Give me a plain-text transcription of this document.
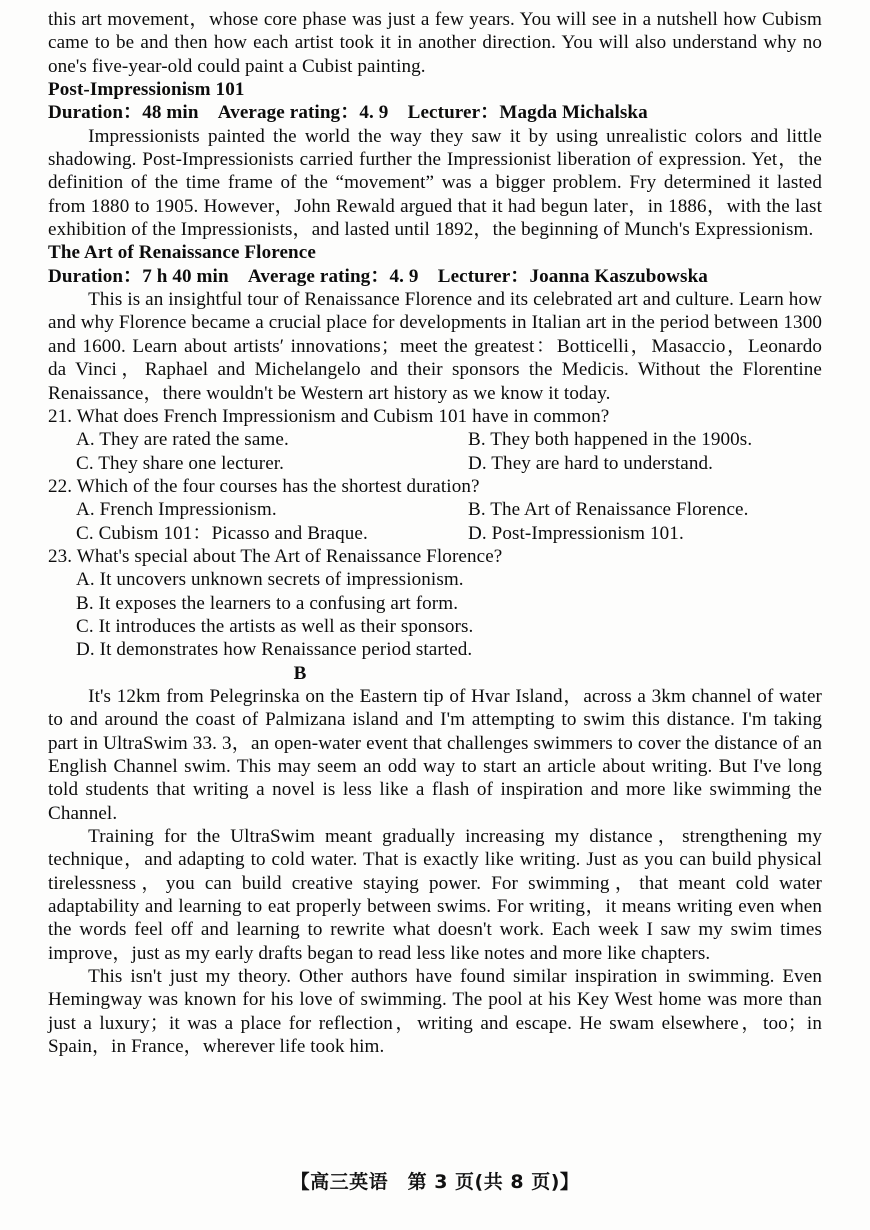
this art movement，whose core phase was just a few years. You will see in a nutshell how Cubism came to be and then how each artist took it in another direction. You will also understand why no one's five-year-old could paint a Cubist painting.

Post-Impressionism 101

Duration：48 min　Average rating：4. 9　Lecturer：Magda Michalska

Impressionists painted the world the way they saw it by using unrealistic colors and little shadowing. Post-Impressionists carried further the Impressionist liberation of expression. Yet，the definition of the time frame of the “movement” was a bigger problem. Fry determined it lasted from 1880 to 1905. However，John Rewald argued that it had begun later，in 1886，with the last exhibition of the Impressionists，and lasted until 1892，the beginning of Munch's Expressionism.

The Art of Renaissance Florence

Duration：7 h 40 min　Average rating：4. 9　Lecturer：Joanna Kaszubowska

This is an insightful tour of Renaissance Florence and its celebrated art and culture. Learn how and why Florence became a crucial place for developments in Italian art in the period between 1300 and 1600. Learn about artists′ innovations；meet the greatest：Botticelli，Masaccio，Leonardo da Vinci，Raphael and Michelangelo and their sponsors the Medicis. Without the Florentine Renaissance，there wouldn't be Western art history as we know it today.

21. What does French Impressionism and Cubism 101 have in common?

A. They are rated the same.	B. They both happened in the 1900s.
C. They share one lecturer.	D. They are hard to understand.

22. Which of the four courses has the shortest duration?

A. French Impressionism.	B. The Art of Renaissance Florence.
C. Cubism 101：Picasso and Braque.	D. Post-Impressionism 101.

23. What's special about The Art of Renaissance Florence?

A. It uncovers unknown secrets of impressionism.

B. It exposes the learners to a confusing art form.

C. It introduces the artists as well as their sponsors.

D. It demonstrates how Renaissance period started.

B

It's 12km from Pelegrinska on the Eastern tip of Hvar Island，across a 3km channel of water to and around the coast of Palmizana island and I'm attempting to swim this distance. I'm taking part in UltraSwim 33. 3，an open-water event that challenges swimmers to cover the distance of an English Channel swim. This may seem an odd way to start an article about writing. But I've long told students that writing a novel is less like a flash of inspiration and more like swimming the Channel.

Training for the UltraSwim meant gradually increasing my distance，strengthening my technique，and adapting to cold water. That is exactly like writing. Just as you can build physical tirelessness，you can build creative staying power. For swimming，that meant cold water adaptability and learning to eat properly between swims. For writing，it means writing even when the words feel off and learning to rewrite what doesn't work. Each week I saw my swim times improve，just as my early drafts began to read less like notes and more like chapters.

This isn't just my theory. Other authors have found similar inspiration in swimming. Even Hemingway was known for his love of swimming. The pool at his Key West home was more than just a luxury；it was a place for reflection，writing and escape. He swam elsewhere，too；in Spain，in France，wherever life took him.

【高三英语　第 3 页(共 8 页)】
